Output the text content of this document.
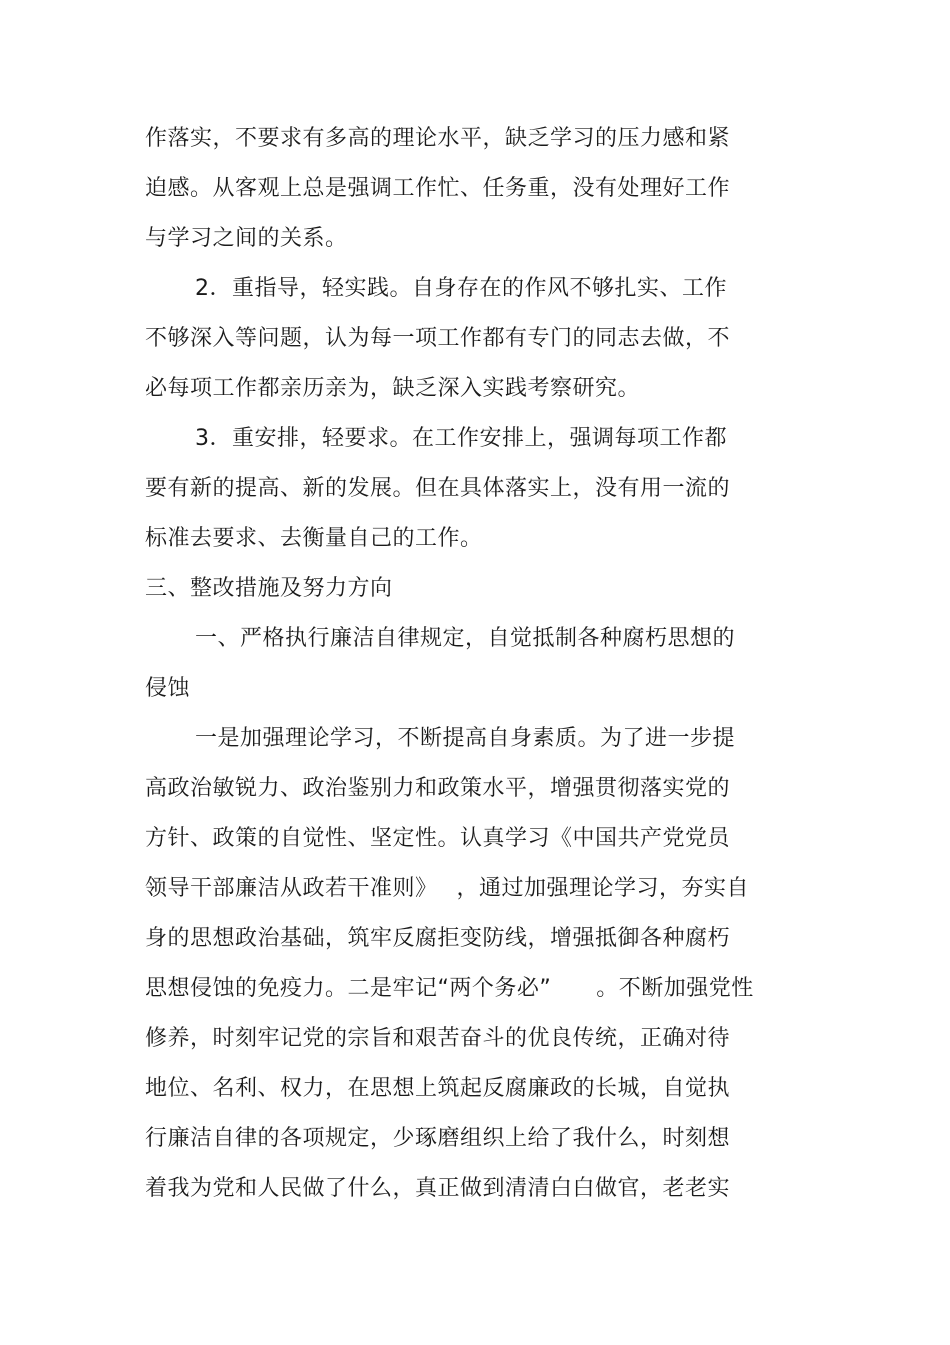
作落实，不要求有多高的理论水平，缺乏学习的压力感和紧
迫感。从客观上总是强调工作忙、任务重，没有处理好工作
与学习之间的关系。
2．重指导，轻实践。自身存在的作风不够扎实、工作
不够深入等问题，认为每一项工作都有专门的同志去做，不
必每项工作都亲历亲为，缺乏深入实践考察研究。
3．重安排，轻要求。在工作安排上，强调每项工作都
要有新的提高、新的发展。但在具体落实上，没有用一流的
标准去要求、去衡量自己的工作。
三、整改措施及努力方向
一、严格执行廉洁自律规定，自觉抵制各种腐朽思想的
侵蚀
一是加强理论学习，不断提高自身素质。为了进一步提
高政治敏锐力、政治鉴别力和政策水平，增强贯彻落实党的
方针、政策的自觉性、坚定性。认真学习《中国共产党党员
领导干部廉洁从政若干准则》　 ，通过加强理论学习，夯实自
身的思想政治基础，筑牢反腐拒变防线，增强抵御各种腐朽
思想侵蚀的免疫力。二是牢记“两个务必”　　。不断加强党性
修养，时刻牢记党的宗旨和艰苦奋斗的优良传统，正确对待
地位、名利、权力，在思想上筑起反腐廉政的长城，自觉执
行廉洁自律的各项规定，少琢磨组织上给了我什么，时刻想
着我为党和人民做了什么，真正做到清清白白做官，老老实
